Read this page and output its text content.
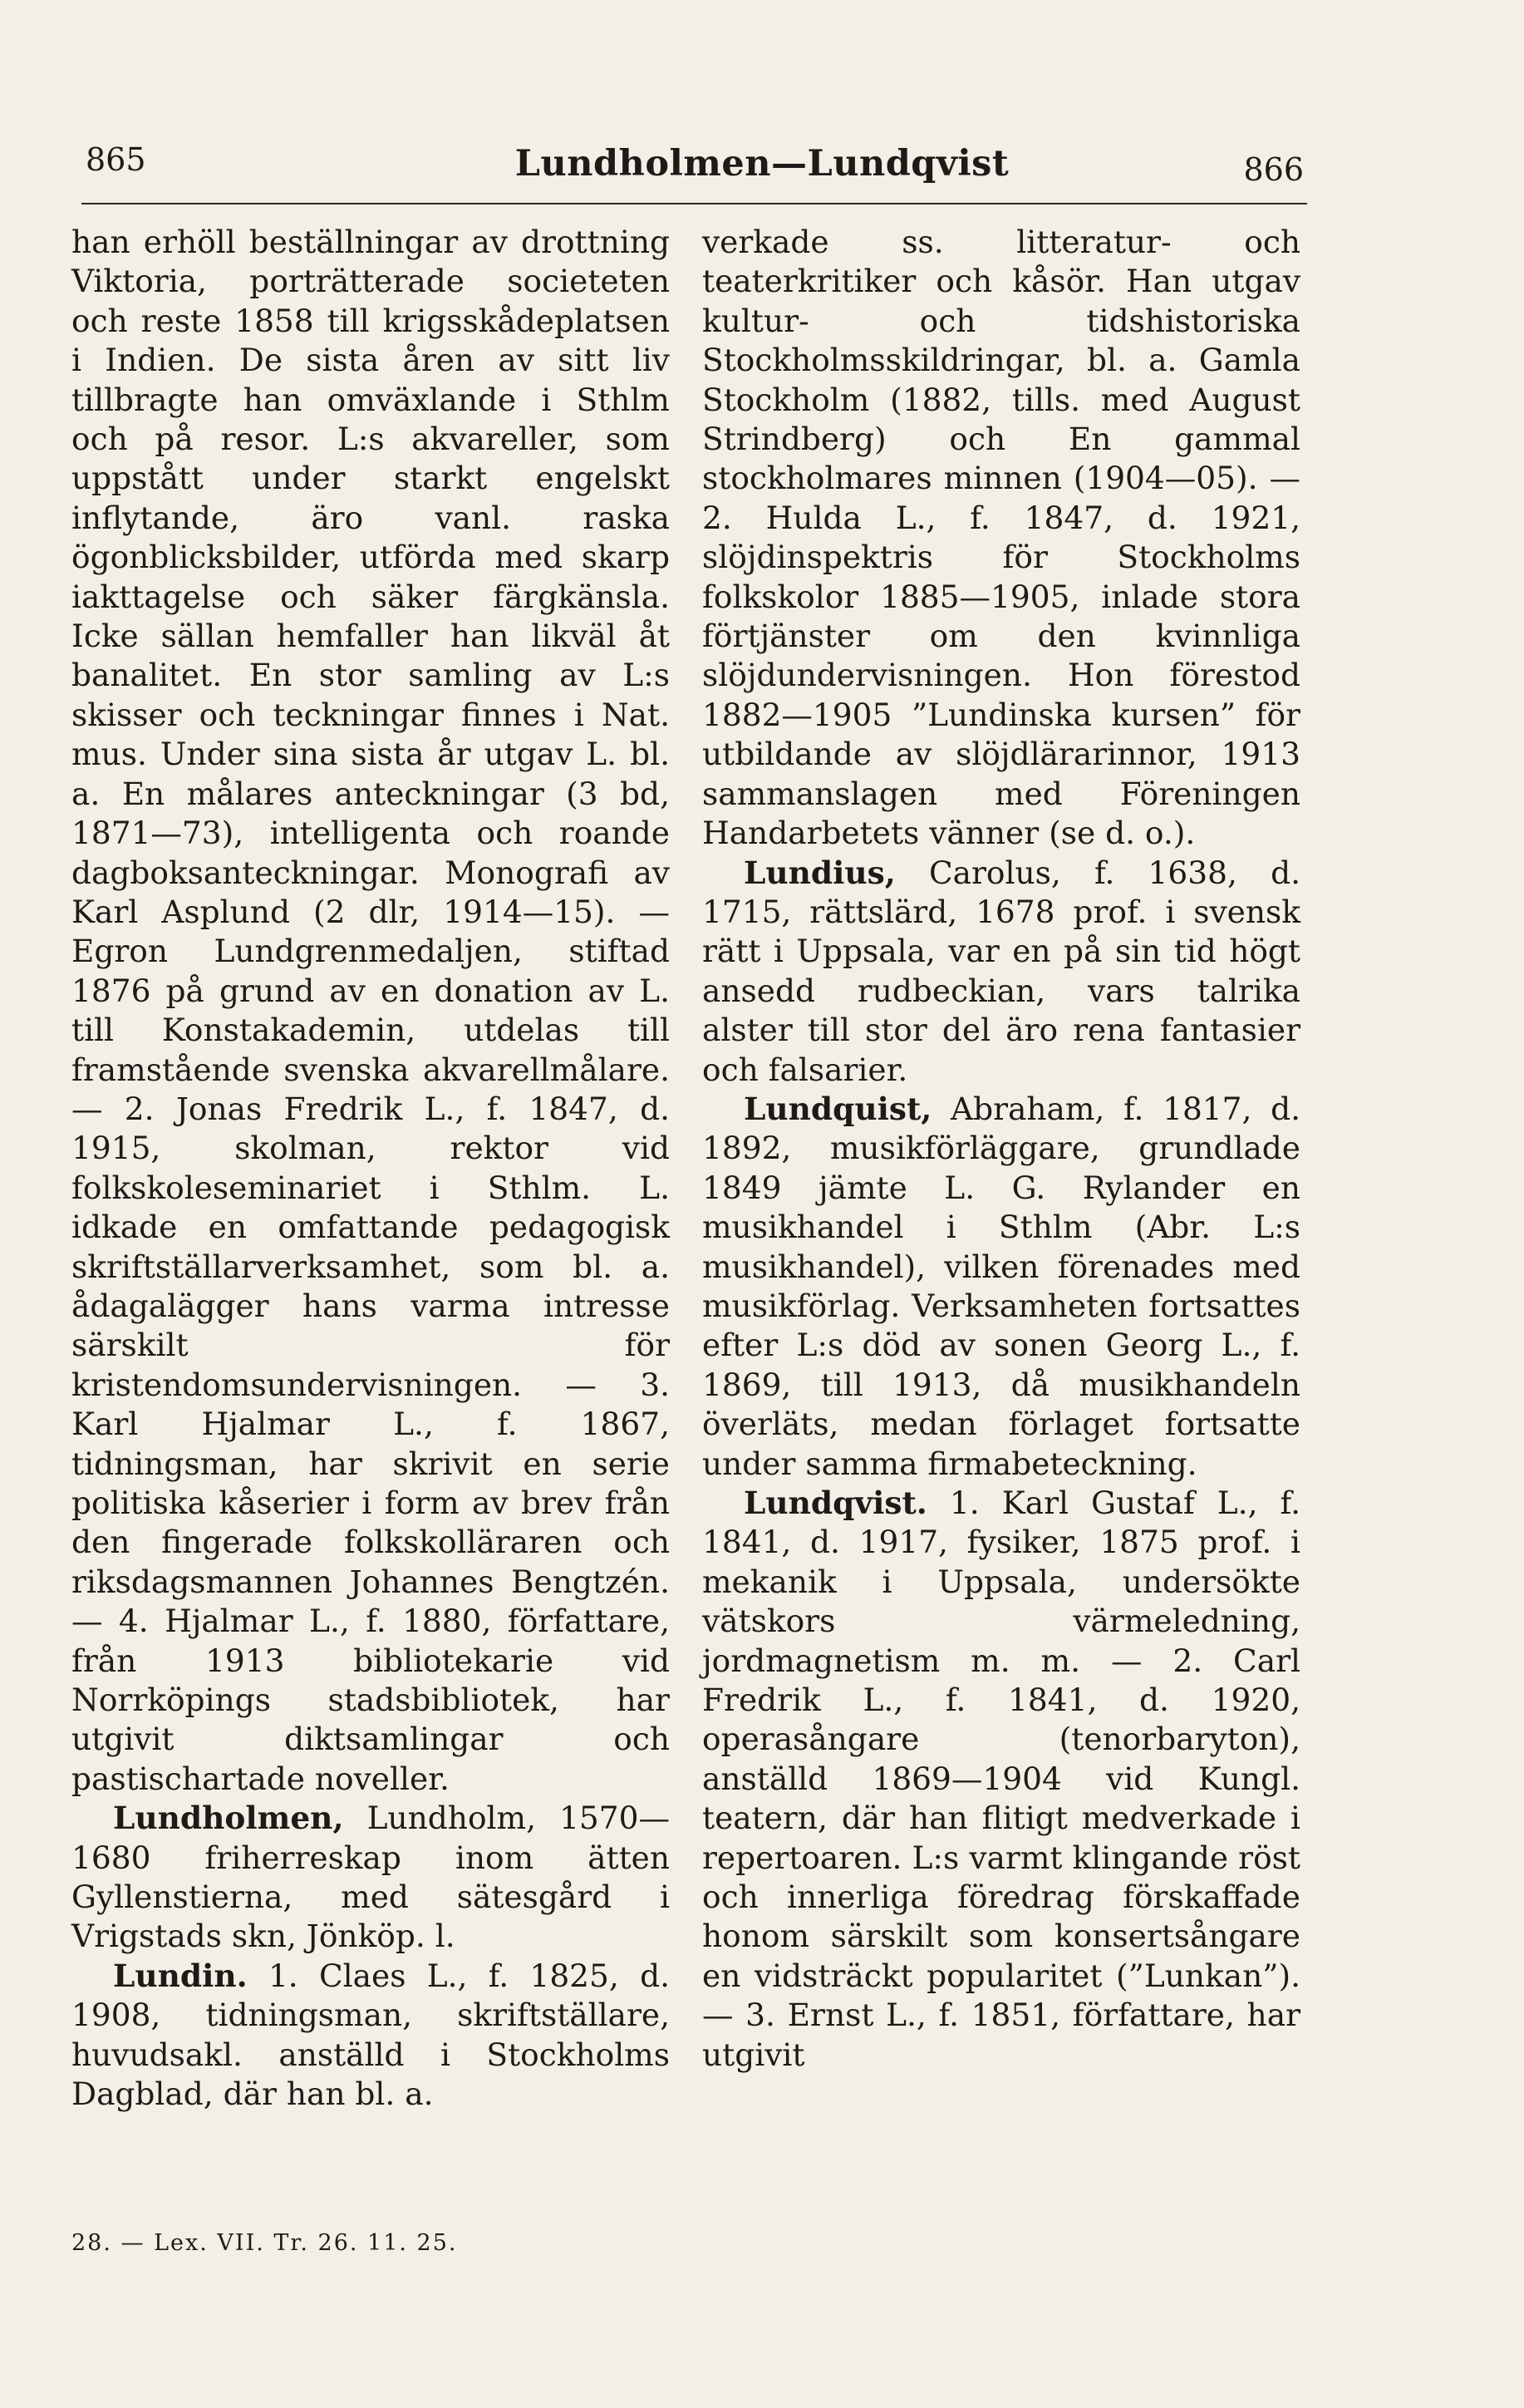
865	Lundholmen—Lundqvist	866

han erhöll beställningar av drottning Viktoria, porträtterade societeten och reste 1858 till krigsskådeplatsen i Indien. De sista åren av sitt liv tillbragte han omväxlande i Sthlm och på resor. L:s akvareller, som uppstått under starkt engelskt inflytande, äro vanl. raska ögonblicksbilder, utförda med skarp iakttagelse och säker färgkänsla. Icke sällan hemfaller han likväl åt banalitet. En stor samling av L:s skisser och teckningar finnes i Nat. mus. Under sina sista år utgav L. bl. a. En målares anteckningar (3 bd, 1871—73), intelligenta och roande dagboksanteckningar. Monografi av Karl Asplund (2 dlr, 1914—15). — Egron Lundgrenmedaljen, stiftad 1876 på grund av en donation av L. till Konstakademin, utdelas till framstående svenska akvarellmålare. — 2. Jonas Fredrik L., f. 1847, d. 1915, skolman, rektor vid folkskoleseminariet i Sthlm. L. idkade en omfattande pedagogisk skriftställarverksamhet, som bl. a. ådagalägger hans varma intresse särskilt för kristendomsundervisningen. — 3. Karl Hjalmar L., f. 1867, tidningsman, har skrivit en serie politiska kåserier i form av brev från den fingerade folkskolläraren och riksdagsmannen Johannes Bengtzén. — 4. Hjalmar L., f. 1880, författare, från 1913 bibliotekarie vid Norrköpings stadsbibliotek, har utgivit diktsamlingar och pastischartade noveller.

Lundholmen, Lundholm, 1570—1680 friherreskap inom ätten Gyllenstierna, med sätesgård i Vrigstads skn, Jönköp. l.

Lundin. 1. Claes L., f. 1825, d. 1908, tidningsman, skriftställare, huvudsakl. anställd i Stockholms Dagblad, där han bl. a.

verkade ss. litteratur- och teaterkritiker och kåsör. Han utgav kultur- och tidshistoriska Stockholmsskildringar, bl. a. Gamla Stockholm (1882, tills. med August Strindberg) och En gammal stockholmares minnen (1904—05). — 2. Hulda L., f. 1847, d. 1921, slöjdinspektris för Stockholms folkskolor 1885—1905, inlade stora förtjänster om den kvinnliga slöjdundervisningen. Hon förestod 1882—1905 ”Lundinska kursen” för utbildande av slöjdlärarinnor, 1913 sammanslagen med Föreningen Handarbetets vänner (se d. o.).

Lundius, Carolus, f. 1638, d. 1715, rättslärd, 1678 prof. i svensk rätt i Uppsala, var en på sin tid högt ansedd rudbeckian, vars talrika alster till stor del äro rena fantasier och falsarier.

Lundquist, Abraham, f. 1817, d. 1892, musikförläggare, grundlade 1849 jämte L. G. Rylander en musikhandel i Sthlm (Abr. L:s musikhandel), vilken förenades med musikförlag. Verksamheten fortsattes efter L:s död av sonen Georg L., f. 1869, till 1913, då musikhandeln överläts, medan förlaget fortsatte under samma firmabeteckning.

Lundqvist. 1. Karl Gustaf L., f. 1841, d. 1917, fysiker, 1875 prof. i mekanik i Uppsala, undersökte vätskors värmeledning, jordmagnetism m. m. — 2. Carl Fredrik L., f. 1841, d. 1920, operasångare (tenorbaryton), anställd 1869—1904 vid Kungl. teatern, där han flitigt medverkade i repertoaren. L:s varmt klingande röst och innerliga föredrag förskaffade honom särskilt som konsertsångare en vidsträckt popularitet (”Lunkan”). — 3. Ernst L., f. 1851, författare, har utgivit

28. — Lex. VII. Tr. 26. 11. 25.
